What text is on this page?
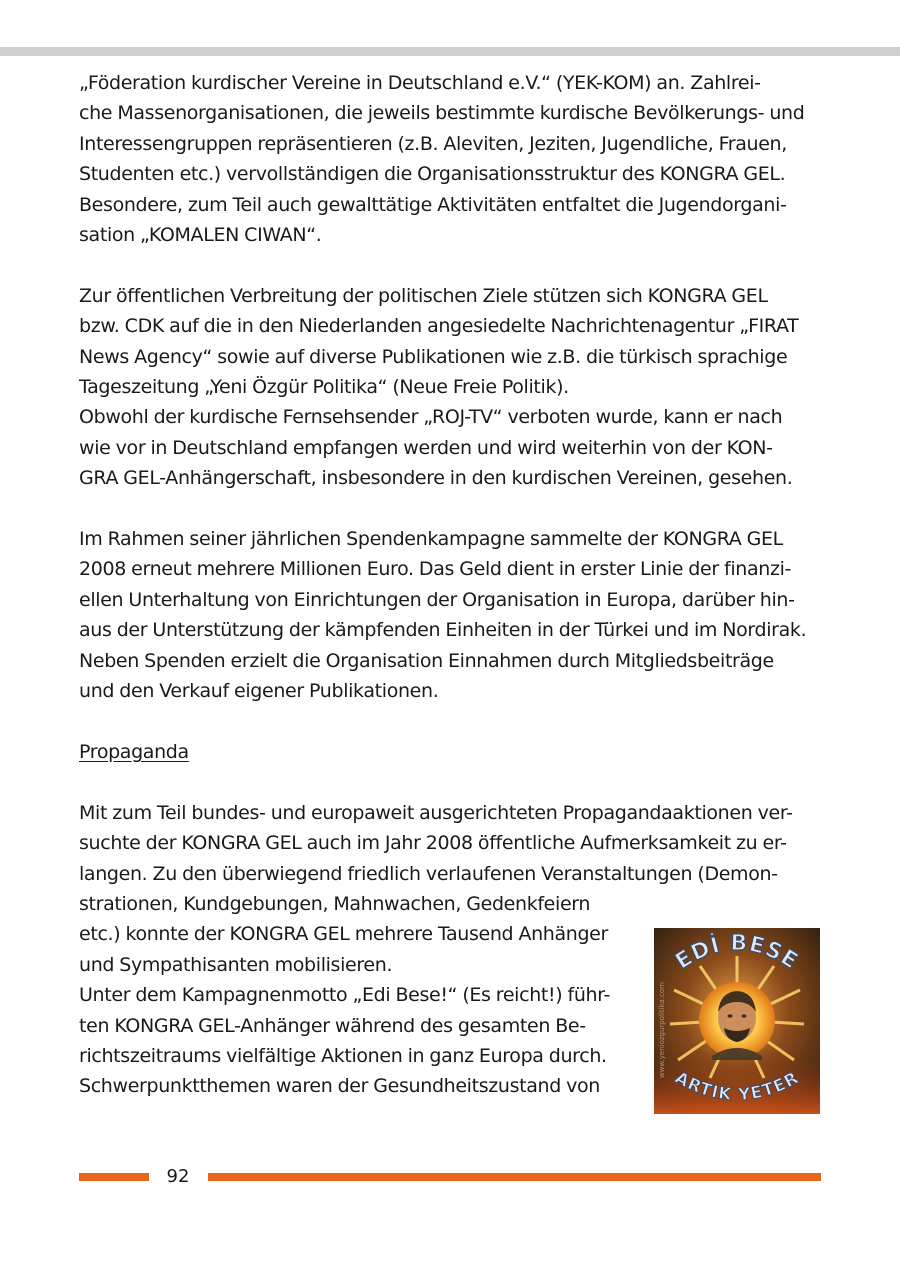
„Föderation kurdischer Vereine in Deutschland e.V.“ (YEK-KOM) an. Zahlrei-
che Massenorganisationen, die jeweils bestimmte kurdische Bevölkerungs- und
Interessengruppen repräsentieren (z.B. Aleviten, Jeziten, Jugendliche, Frauen,
Studenten etc.) vervollständigen die Organisationsstruktur des KONGRA GEL.
Besondere, zum Teil auch gewalttätige Aktivitäten entfaltet die Jugendorgani-
sation „KOMALEN CIWAN“.
Zur öffentlichen Verbreitung der politischen Ziele stützen sich KONGRA GEL
bzw. CDK auf die in den Niederlanden angesiedelte Nachrichtenagentur „FIRAT
News Agency“ sowie auf diverse Publikationen wie z.B. die türkisch sprachige
Tageszeitung „Yeni Özgür Politika“ (Neue Freie Politik).
Obwohl der kurdische Fernsehsender „ROJ-TV“ verboten wurde, kann er nach
wie vor in Deutschland empfangen werden und wird weiterhin von der KON-
GRA GEL-Anhängerschaft, insbesondere in den kurdischen Vereinen, gesehen.
Im Rahmen seiner jährlichen Spendenkampagne sammelte der KONGRA GEL
2008 erneut mehrere Millionen Euro. Das Geld dient in erster Linie der finanzi-
ellen Unterhaltung von Einrichtungen der Organisation in Europa, darüber hin-
aus der Unterstützung der kämpfenden Einheiten in der Türkei und im Nordirak.
Neben Spenden erzielt die Organisation Einnahmen durch Mitgliedsbeiträge
und den Verkauf eigener Publikationen.
Propaganda
Mit zum Teil bundes- und europaweit ausgerichteten Propagandaaktionen ver-
suchte der KONGRA GEL auch im Jahr 2008 öffentliche Aufmerksamkeit zu er-
langen. Zu den überwiegend friedlich verlaufenen Veranstaltungen (Demon-
strationen, Kundgebungen, Mahnwachen, Gedenkfeiern
etc.) konnte der KONGRA GEL mehrere Tausend Anhänger
und Sympathisanten mobilisieren.
Unter dem Kampagnenmotto „Edi Bese!“ (Es reicht!) führ-
ten KONGRA GEL-Anhänger während des gesamten Be-
richtszeitraums vielfältige Aktionen in ganz Europa durch.
Schwerpunktthemen waren der Gesundheitszustand von
EDİ BESE
ARTIK YETER
www.yeniozgurpolitika.com
92
